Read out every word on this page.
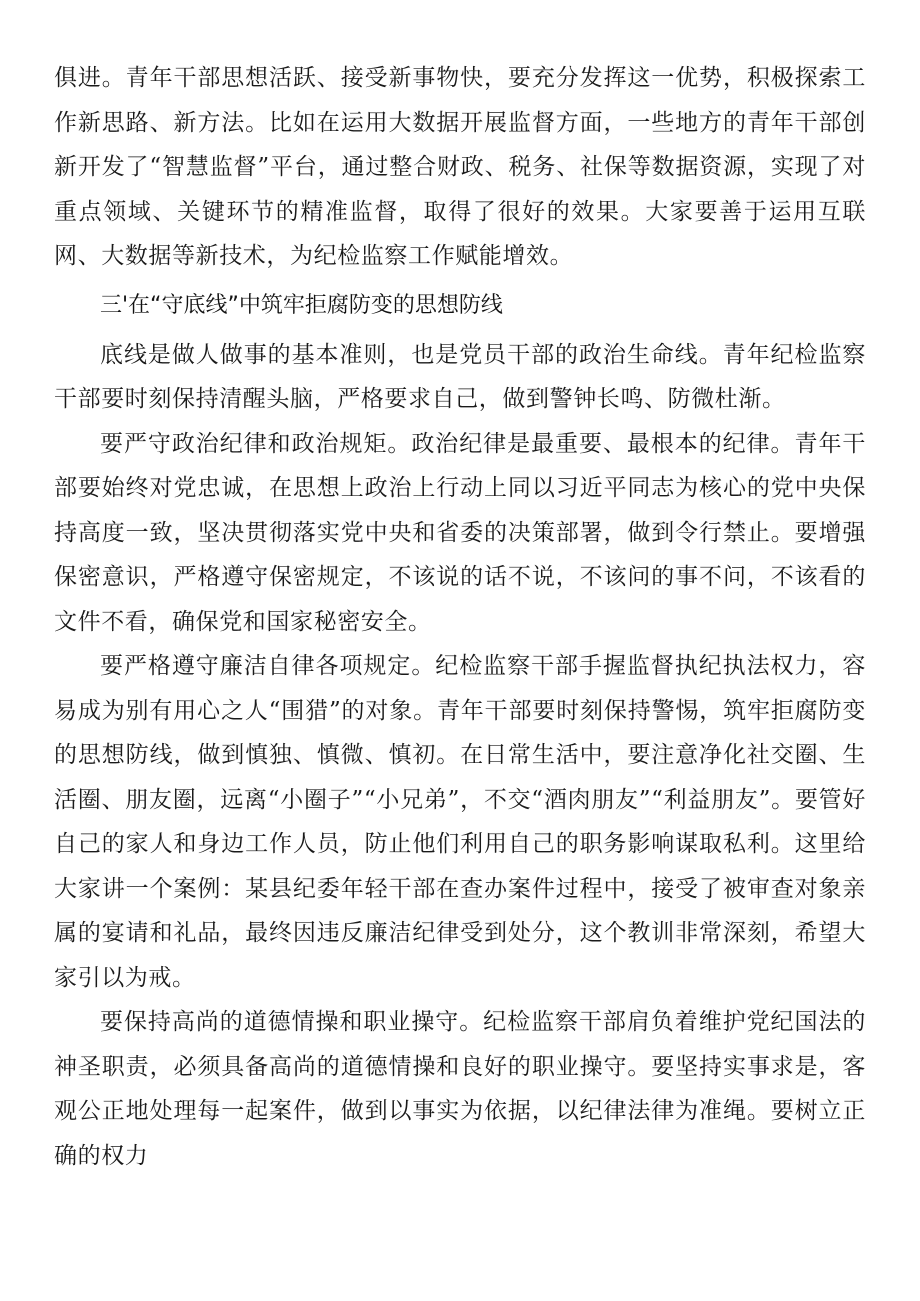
俱进。青年干部思想活跃、接受新事物快，要充分发挥这一优势，积极探索工作新思路、新方法。比如在运用大数据开展监督方面，一些地方的青年干部创新开发了“智慧监督”平台，通过整合财政、税务、社保等数据资源，实现了对重点领域、关键环节的精准监督，取得了很好的效果。大家要善于运用互联网、大数据等新技术，为纪检监察工作赋能增效。

三'在“守底线”中筑牢拒腐防变的思想防线

底线是做人做事的基本准则，也是党员干部的政治生命线。青年纪检监察干部要时刻保持清醒头脑，严格要求自己，做到警钟长鸣、防微杜渐。

要严守政治纪律和政治规矩。政治纪律是最重要、最根本的纪律。青年干部要始终对党忠诚，在思想上政治上行动上同以习近平同志为核心的党中央保持高度一致，坚决贯彻落实党中央和省委的决策部署，做到令行禁止。要增强保密意识，严格遵守保密规定，不该说的话不说，不该问的事不问，不该看的文件不看，确保党和国家秘密安全。

要严格遵守廉洁自律各项规定。纪检监察干部手握监督执纪执法权力，容易成为别有用心之人“围猎”的对象。青年干部要时刻保持警惕，筑牢拒腐防变的思想防线，做到慎独、慎微、慎初。在日常生活中，要注意净化社交圈、生活圈、朋友圈，远离“小圈子”“小兄弟”，不交“酒肉朋友”“利益朋友”。要管好自己的家人和身边工作人员，防止他们利用自己的职务影响谋取私利。这里给大家讲一个案例：某县纪委年轻干部在查办案件过程中，接受了被审查对象亲属的宴请和礼品，最终因违反廉洁纪律受到处分，这个教训非常深刻，希望大家引以为戒。

要保持高尚的道德情操和职业操守。纪检监察干部肩负着维护党纪国法的神圣职责，必须具备高尚的道德情操和良好的职业操守。要坚持实事求是，客观公正地处理每一起案件，做到以事实为依据，以纪律法律为准绳。要树立正确的权力
